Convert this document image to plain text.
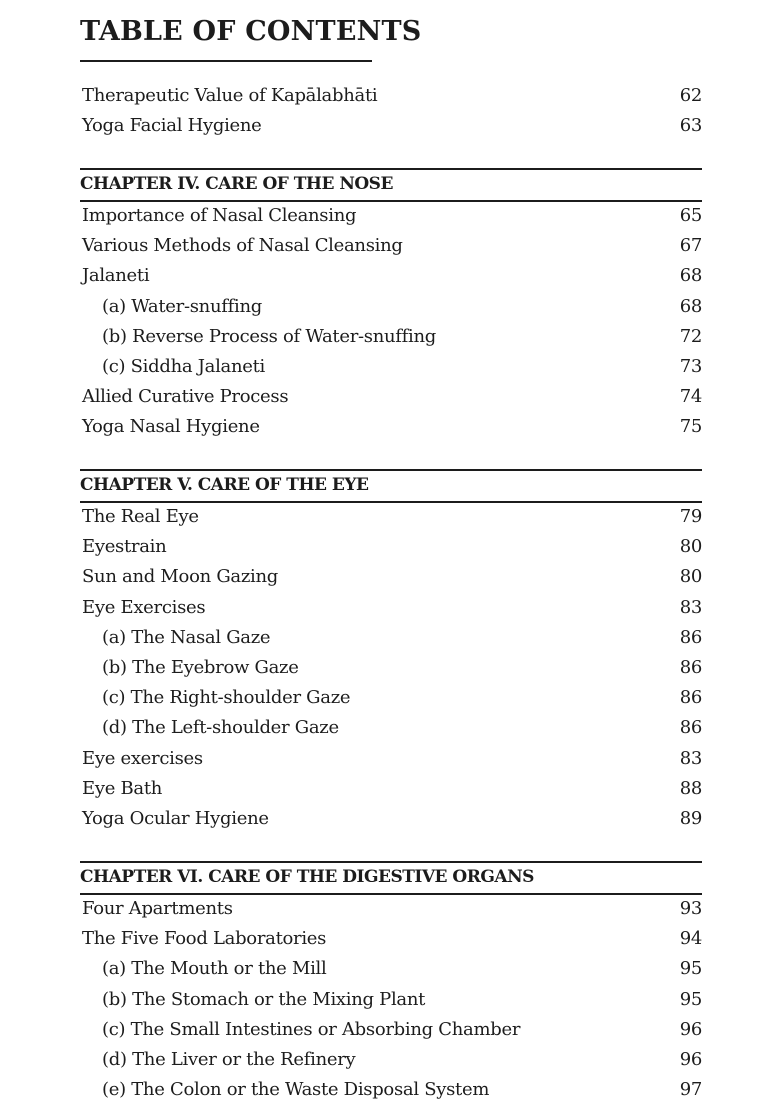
TABLE OF CONTENTS
Therapeutic Value of Kapālabhāti	62
Yoga Facial Hygiene	63
CHAPTER IV. CARE OF THE NOSE
Importance of Nasal Cleansing	65
Various Methods of Nasal Cleansing	67
Jalaneti	68
(a) Water-snuffing	68
(b) Reverse Process of Water-snuffing	72
(c) Siddha Jalaneti	73
Allied Curative Process	74
Yoga Nasal Hygiene	75
CHAPTER V. CARE OF THE EYE
The Real Eye	79
Eyestrain	80
Sun and Moon Gazing	80
Eye Exercises	83
(a) The Nasal Gaze	86
(b) The Eyebrow Gaze	86
(c) The Right-shoulder Gaze	86
(d) The Left-shoulder Gaze	86
Eye exercises	83
Eye Bath	88
Yoga Ocular Hygiene	89
CHAPTER VI. CARE OF THE DIGESTIVE ORGANS
Four Apartments	93
The Five Food Laboratories	94
(a) The Mouth or the Mill	95
(b) The Stomach or the Mixing Plant	95
(c) The Small Intestines or Absorbing Chamber	96
(d) The Liver or the Refinery	96
(e) The Colon or the Waste Disposal System	97
